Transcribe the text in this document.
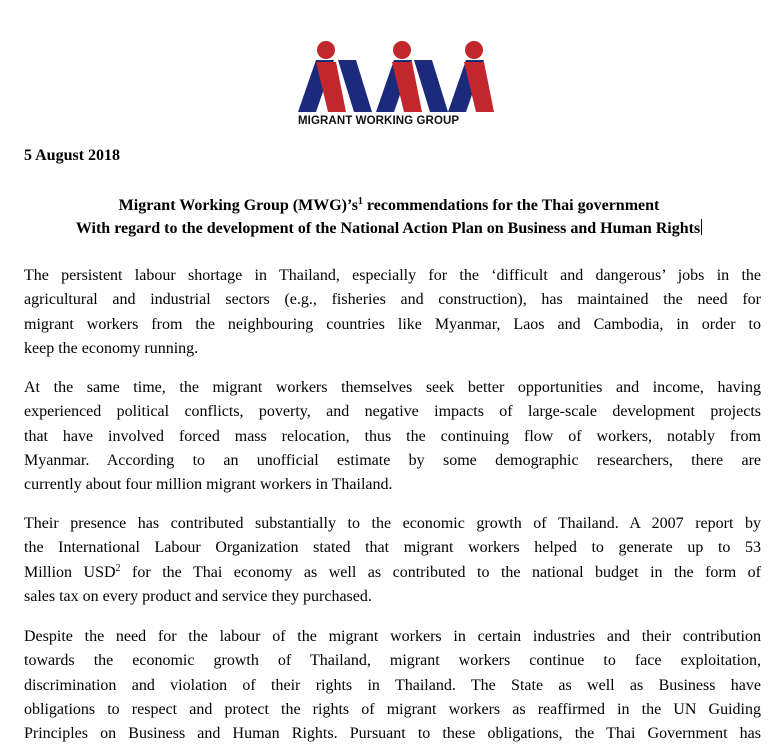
MIGRANT WORKING GROUP
5 August 2018
Migrant Working Group $(MWG)’s^1$ recommendations for the Thai government
With regard to the development of the National Action Plan on Business and Human Rights
The persistent labour shortage in Thailand, especially for the ‘difficult and dangerous’ jobs in the
agricultural and industrial sectors (e.g., fisheries and construction), has maintained the need for
migrant workers from the neighbouring countries like Myanmar, Laos and Cambodia, in order to
keep the economy running.
At the same time, the migrant workers themselves seek better opportunities and income, having
experienced political conflicts, poverty, and negative impacts of large-scale development projects
that have involved forced mass relocation, thus the continuing flow of workers, notably from
Myanmar. According to an unofficial estimate by some demographic researchers, there are
currently about four million migrant workers in Thailand.
Their presence has contributed substantially to the economic growth of Thailand. A 2007 report by
the International Labour Organization stated that migrant workers helped to generate up to 53
Million USD$^2$ for the Thai economy as well as contributed to the national budget in the form of
sales tax on every product and service they purchased.
Despite the need for the labour of the migrant workers in certain industries and their contribution
towards the economic growth of Thailand, migrant workers continue to face exploitation,
discrimination and violation of their rights in Thailand. The State as well as Business have
obligations to respect and protect the rights of migrant workers as reaffirmed in the UN Guiding
Principles on Business and Human Rights. Pursuant to these obligations, the Thai Government has
